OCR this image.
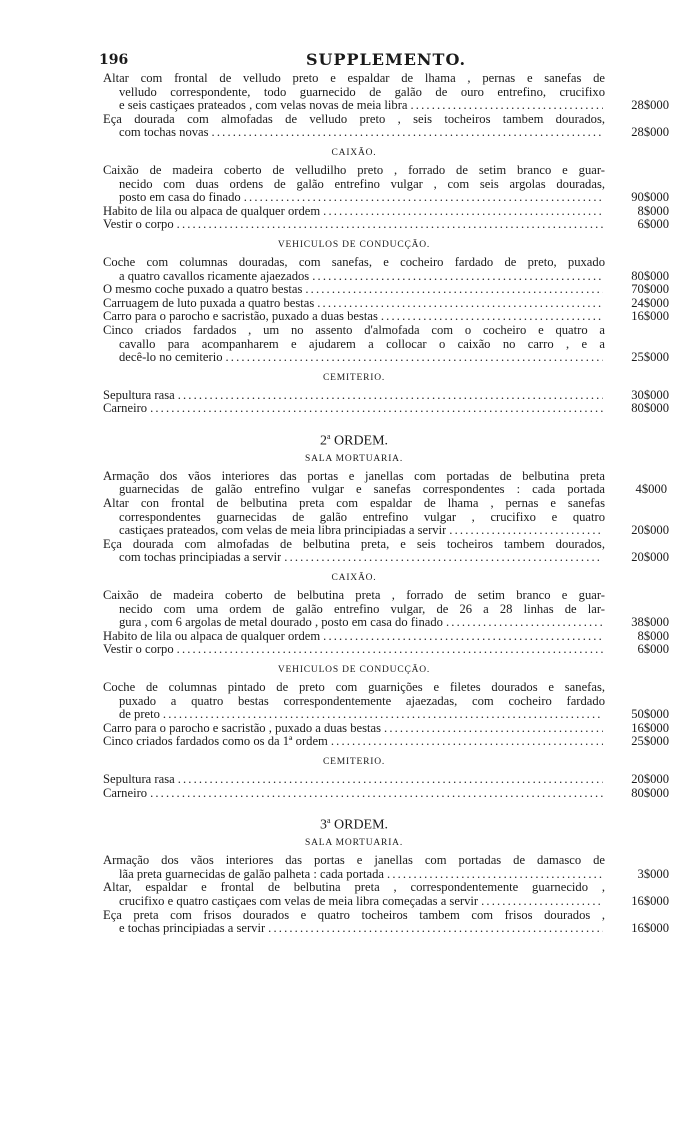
196	SUPPLEMENTO.
Altar com frontal de velludo preto e espaldar de lhama , pernas e sanefas de
velludo correspondente, todo guarnecido de galão de ouro entrefino, crucifixo
e seis castiçaes prateados , com velas novas de meia libra . . .	28$000
Eça dourada com almofadas de velludo preto , seis tocheiros tambem dourados,
com tochas novas . . .	28$000
CAIXÃO.
Caixão de madeira coberto de velludilho preto , forrado de setim branco e guar-
necido com duas ordens de galão entrefino vulgar , com seis argolas douradas,
posto em casa do finado . . .	90$000
Habito de lila ou alpaca de qualquer ordem . . .	8$000
Vestir o corpo . . .	6$000
VEHICULOS DE CONDUCÇÃO.
Coche com columnas douradas, com sanefas, e cocheiro fardado de preto, puxado
a quatro cavallos ricamente ajaezados . . .	80$000
O mesmo coche puxado a quatro bestas . . .	70$000
Carruagem de luto puxada a quatro bestas . . .	24$000
Carro para o parocho e sacristão, puxado a duas bestas . . .	16$000
Cinco criados fardados , um no assento d'almofada com o cocheiro e quatro a
cavallo para acompanharem e ajudarem a collocar o caixão no carro , e a
decê-lo no cemiterio . . .	25$000
CEMITERIO.
Sepultura rasa . . .	30$000
Carneiro . . .	80$000
2$^a$ ORDEM.
SALA MORTUARIA.
Armação dos vãos interiores das portas e janellas com portadas de belbutina preta
guarnecidas de galão entrefino vulgar e sanefas correspondentes : cada portada	4$000
Altar con frontal de belbutina preta com espaldar de lhama , pernas e sanefas
correspondentes guarnecidas de galão entrefino vulgar , crucifixo e quatro
castiçaes prateados, com velas de meia libra principiadas a servir . . .	20$000
Eça dourada com almofadas de belbutina preta, e seis tocheiros tambem dourados,
com tochas principiadas a servir . . .	20$000
CAIXÃO.
Caixão de madeira coberto de belbutina preta , forrado de setim branco e guar-
necido com uma ordem de galão entrefino vulgar, de 26 a 28 linhas de lar-
gura , com 6 argolas de metal dourado , posto em casa do finado . . .	38$000
Habito de lila ou alpaca de qualquer ordem . . .	8$000
Vestir o corpo . . .	6$000
VEHICULOS DE CONDUCÇÃO.
Coche de columnas pintado de preto com guarnições e filetes dourados e sanefas,
puxado a quatro bestas correspondentemente ajaezadas, com cocheiro fardado
de preto . . .	50$000
Carro para o parocho e sacristão , puxado a duas bestas . . .	16$000
Cinco criados fardados como os da 1ª ordem . . .	25$000
CEMITERIO.
Sepultura rasa . . .	20$000
Carneiro . . .	80$000
3$^a$ ORDEM.
SALA MORTUARIA.
Armação dos vãos interiores das portas e janellas com portadas de damasco de
lãa preta guarnecidas de galão palheta : cada portada . . .	3$000
Altar, espaldar e frontal de belbutina preta , correspondentemente guarnecido ,
crucifixo e quatro castiçaes com velas de meia libra começadas a servir . . .	16$000
Eça preta com frisos dourados e quatro tocheiros tambem com frisos dourados ,
e tochas principiadas a servir . . .	16$000
